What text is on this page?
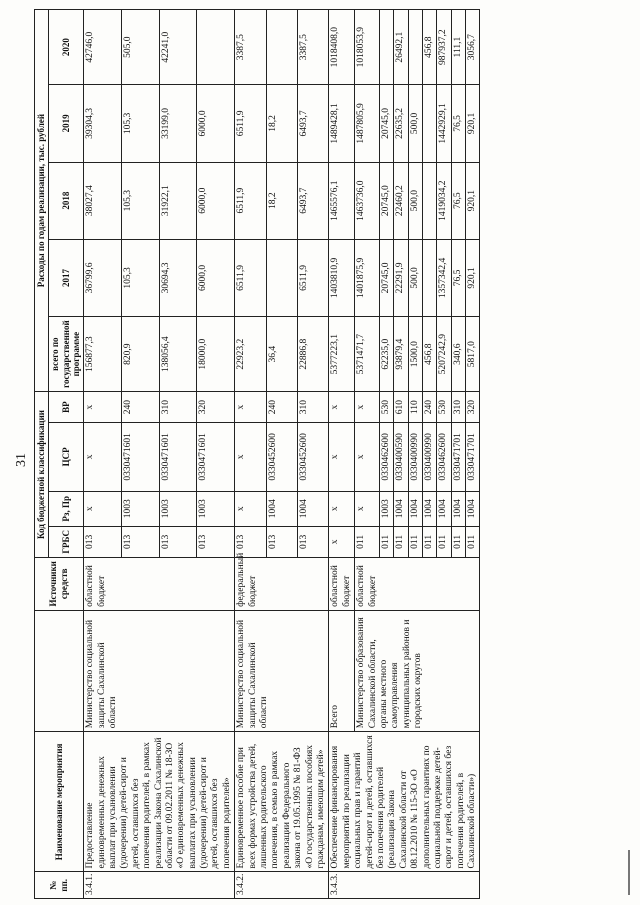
31
№ пп.	Наименование мероприятия		Источники средств	Код бюджетной классификации				Расходы по годам реализации, тыс. рублей				
				ГРБС	Рз, Пр	ЦСР	ВР	всего по государственной программе	2017	2018	2019	2020
3.4.1.	Предоставление единовременных денежных выплат при усыновлении (удочерении) детей-сирот и детей, оставшихся без попечения родителей, в рамках реализации Закона Сахалинской области от 09.02.2011 № 18-ЗО «О единовременных денежных выплатах при усыновлении (удочерении) детей-сирот и детей, оставшихся без попечения родителей»	Министерство социальной защиты Сахалинской области	областной бюджет	013	х	х	х	156877,3	36799,6	38027,4	39304,3	42746,0
				013	1003	0330471601	240	820,9	105,3	105,3	105,3	505,0
				013	1003	0330471601	310	138056,4	30694,3	31922,1	33199,0	42241,0
				013	1003	0330471601	320	18000,0	6000,0	6000,0	6000,0	
3.4.2.	Единовременное пособие при всех формах устройства детей, лишенных родительского попечения, в семью в рамках реализации Федерального закона от 19.05.1995 № 81-ФЗ «О государственных пособиях гражданам, имеющим детей»	Министерство социальной защиты Сахалинской области	федеральный бюджет	013	х	х	х	22923,2	6511,9	6511,9	6511,9	3387,5
				013	1004	0330452600	240	36,4		18,2	18,2	
				013	1004	0330452600	310	22886,8	6511,9	6493,7	6493,7	3387,5
3.4.3.	Обеспечение финансирования мероприятий по реализации социальных прав и гарантий детей-сирот и детей, оставшихся без попечения родителей (реализация Закона Сахалинской области от 08.12.2010 № 115-ЗО «О дополнительных гарантиях по социальной поддержке детей-сирот и детей, оставшихся без попечения родителей, в Сахалинской области»)	Всего	областной бюджет	х	х	х	х	5377223,1	1403810,9	1465576,1	1489428,1	1018408,0
		Министерство образования Сахалинской области, органы местного самоуправления муниципальных районов и городских округов	областной бюджет	011	х	х	х	5371471,7	1401875,9	1463736,0	1487805,9	1018053,9
				011	1003	0330462600	530	62235,0	20745,0	20745,0	20745,0	
				011	1004	0330400590	610	93879,4	22291,9	22460,2	22635,2	26492,1
				011	1004	0330400990	110	1500,0	500,0	500,0	500,0	
				011	1004	0330400990	240	456,8				456,8
				011	1004	0330462600	530	5207242,9	1357342,4	1419034,2	1442929,1	987937,2
				011	1004	0330471701	310	340,6	76,5	76,5	76,5	111,1
				011	1004	0330471701	320	5817,0	920,1	920,1	920,1	3056,7
